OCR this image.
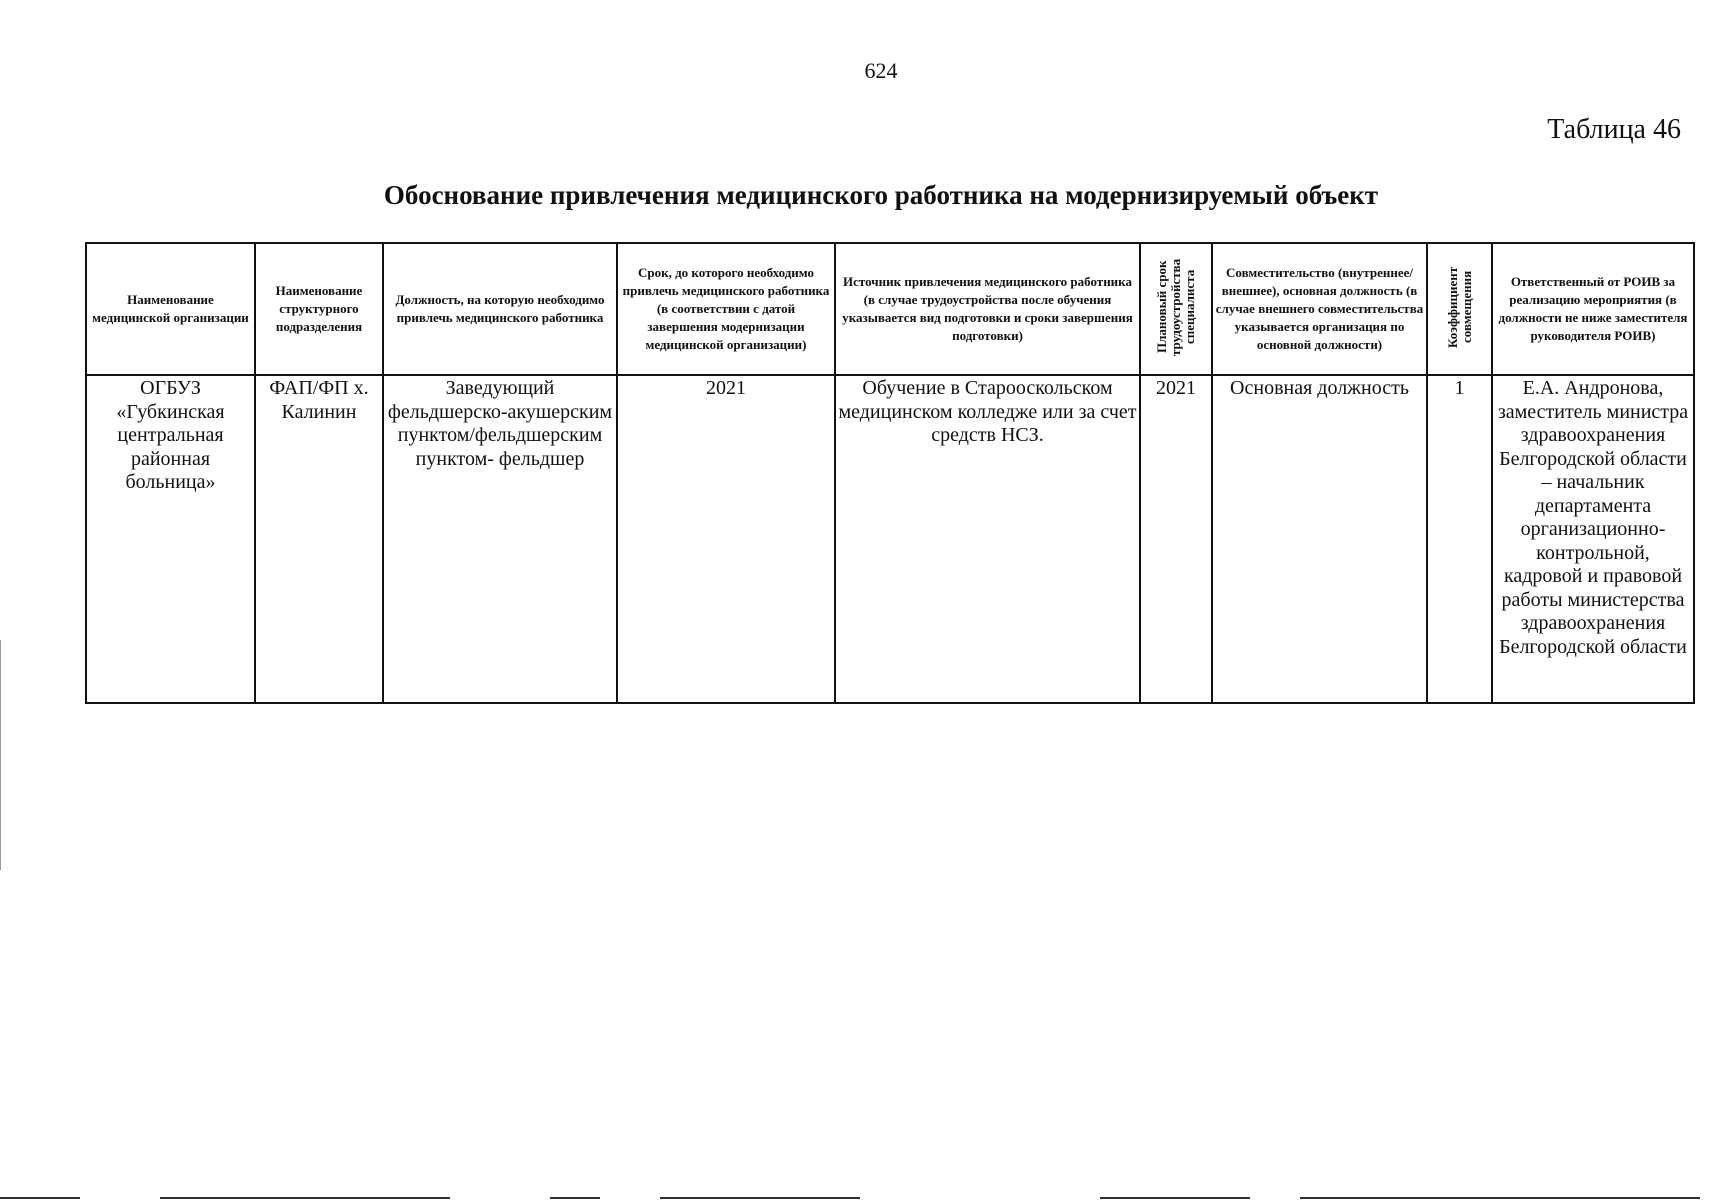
624
Таблица 46
Обоснование привлечения медицинского работника на модернизируемый объект
Наименование медицинской организации	Наименование структурного подразделения	Должность, на которую необходимо привлечь медицинского работника	Срок, до которого необходимо привлечь медицинского работника (в соответствии с датой завершения модернизации медицинской организации)	Источник привлечения медицинского работника (в случае трудоустройства после обучения указывается вид подготовки и сроки завершения подготовки)	Плановый срок трудоустройства специалиста	Совместительство (внутреннее/ внешнее), основная должность (в случае внешнего совместительства указывается организация по основной должности)	Коэффициент совмещения	Ответственный от РОИВ за реализацию мероприятия (в должности не ниже заместителя руководителя РОИВ)
ОГБУЗ «Губкинская центральная районная больница»	ФАП/ФП х. Калинин	Заведующий фельдшерско-акушерским пунктом/фельдшерским пунктом- фельдшер	2021	Обучение в Старооскольском медицинском колледже или за счет средств НСЗ.	2021	Основная должность	1	Е.А. Андронова, заместитель министра здравоохранения Белгородской области – начальник департамента организационно-контрольной, кадровой и правовой работы министерства здравоохранения Белгородской области
